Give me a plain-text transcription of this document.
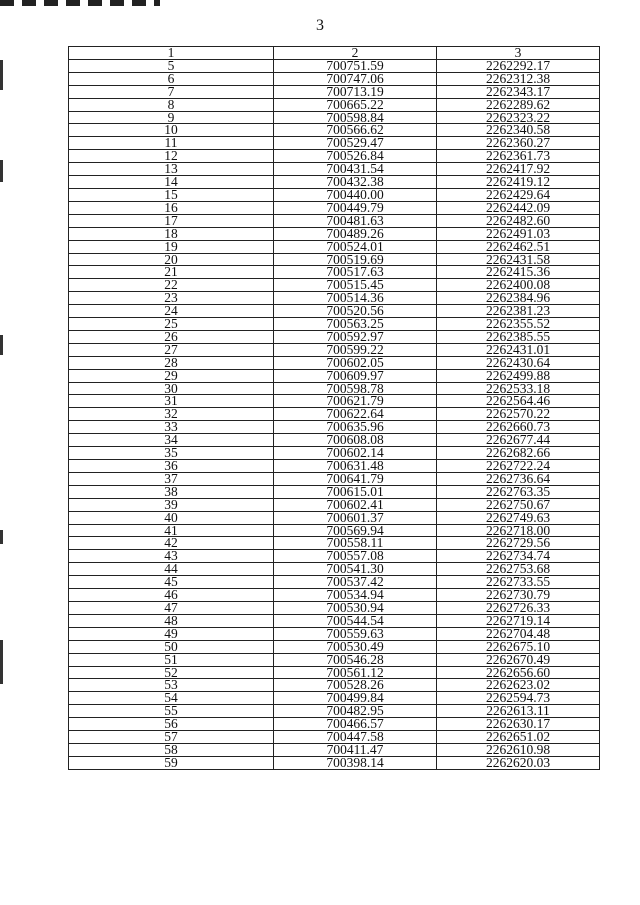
3
1	2	3
5	700751.59	2262292.17
6	700747.06	2262312.38
7	700713.19	2262343.17
8	700665.22	2262289.62
9	700598.84	2262323.22
10	700566.62	2262340.58
11	700529.47	2262360.27
12	700526.84	2262361.73
13	700431.54	2262417.92
14	700432.38	2262419.12
15	700440.00	2262429.64
16	700449.79	2262442.09
17	700481.63	2262482.60
18	700489.26	2262491.03
19	700524.01	2262462.51
20	700519.69	2262431.58
21	700517.63	2262415.36
22	700515.45	2262400.08
23	700514.36	2262384.96
24	700520.56	2262381.23
25	700563.25	2262355.52
26	700592.97	2262385.55
27	700599.22	2262431.01
28	700602.05	2262430.64
29	700609.97	2262499.88
30	700598.78	2262533.18
31	700621.79	2262564.46
32	700622.64	2262570.22
33	700635.96	2262660.73
34	700608.08	2262677.44
35	700602.14	2262682.66
36	700631.48	2262722.24
37	700641.79	2262736.64
38	700615.01	2262763.35
39	700602.41	2262750.67
40	700601.37	2262749.63
41	700569.94	2262718.00
42	700558.11	2262729.56
43	700557.08	2262734.74
44	700541.30	2262753.68
45	700537.42	2262733.55
46	700534.94	2262730.79
47	700530.94	2262726.33
48	700544.54	2262719.14
49	700559.63	2262704.48
50	700530.49	2262675.10
51	700546.28	2262670.49
52	700561.12	2262656.60
53	700528.26	2262623.02
54	700499.84	2262594.73
55	700482.95	2262613.11
56	700466.57	2262630.17
57	700447.58	2262651.02
58	700411.47	2262610.98
59	700398.14	2262620.03
